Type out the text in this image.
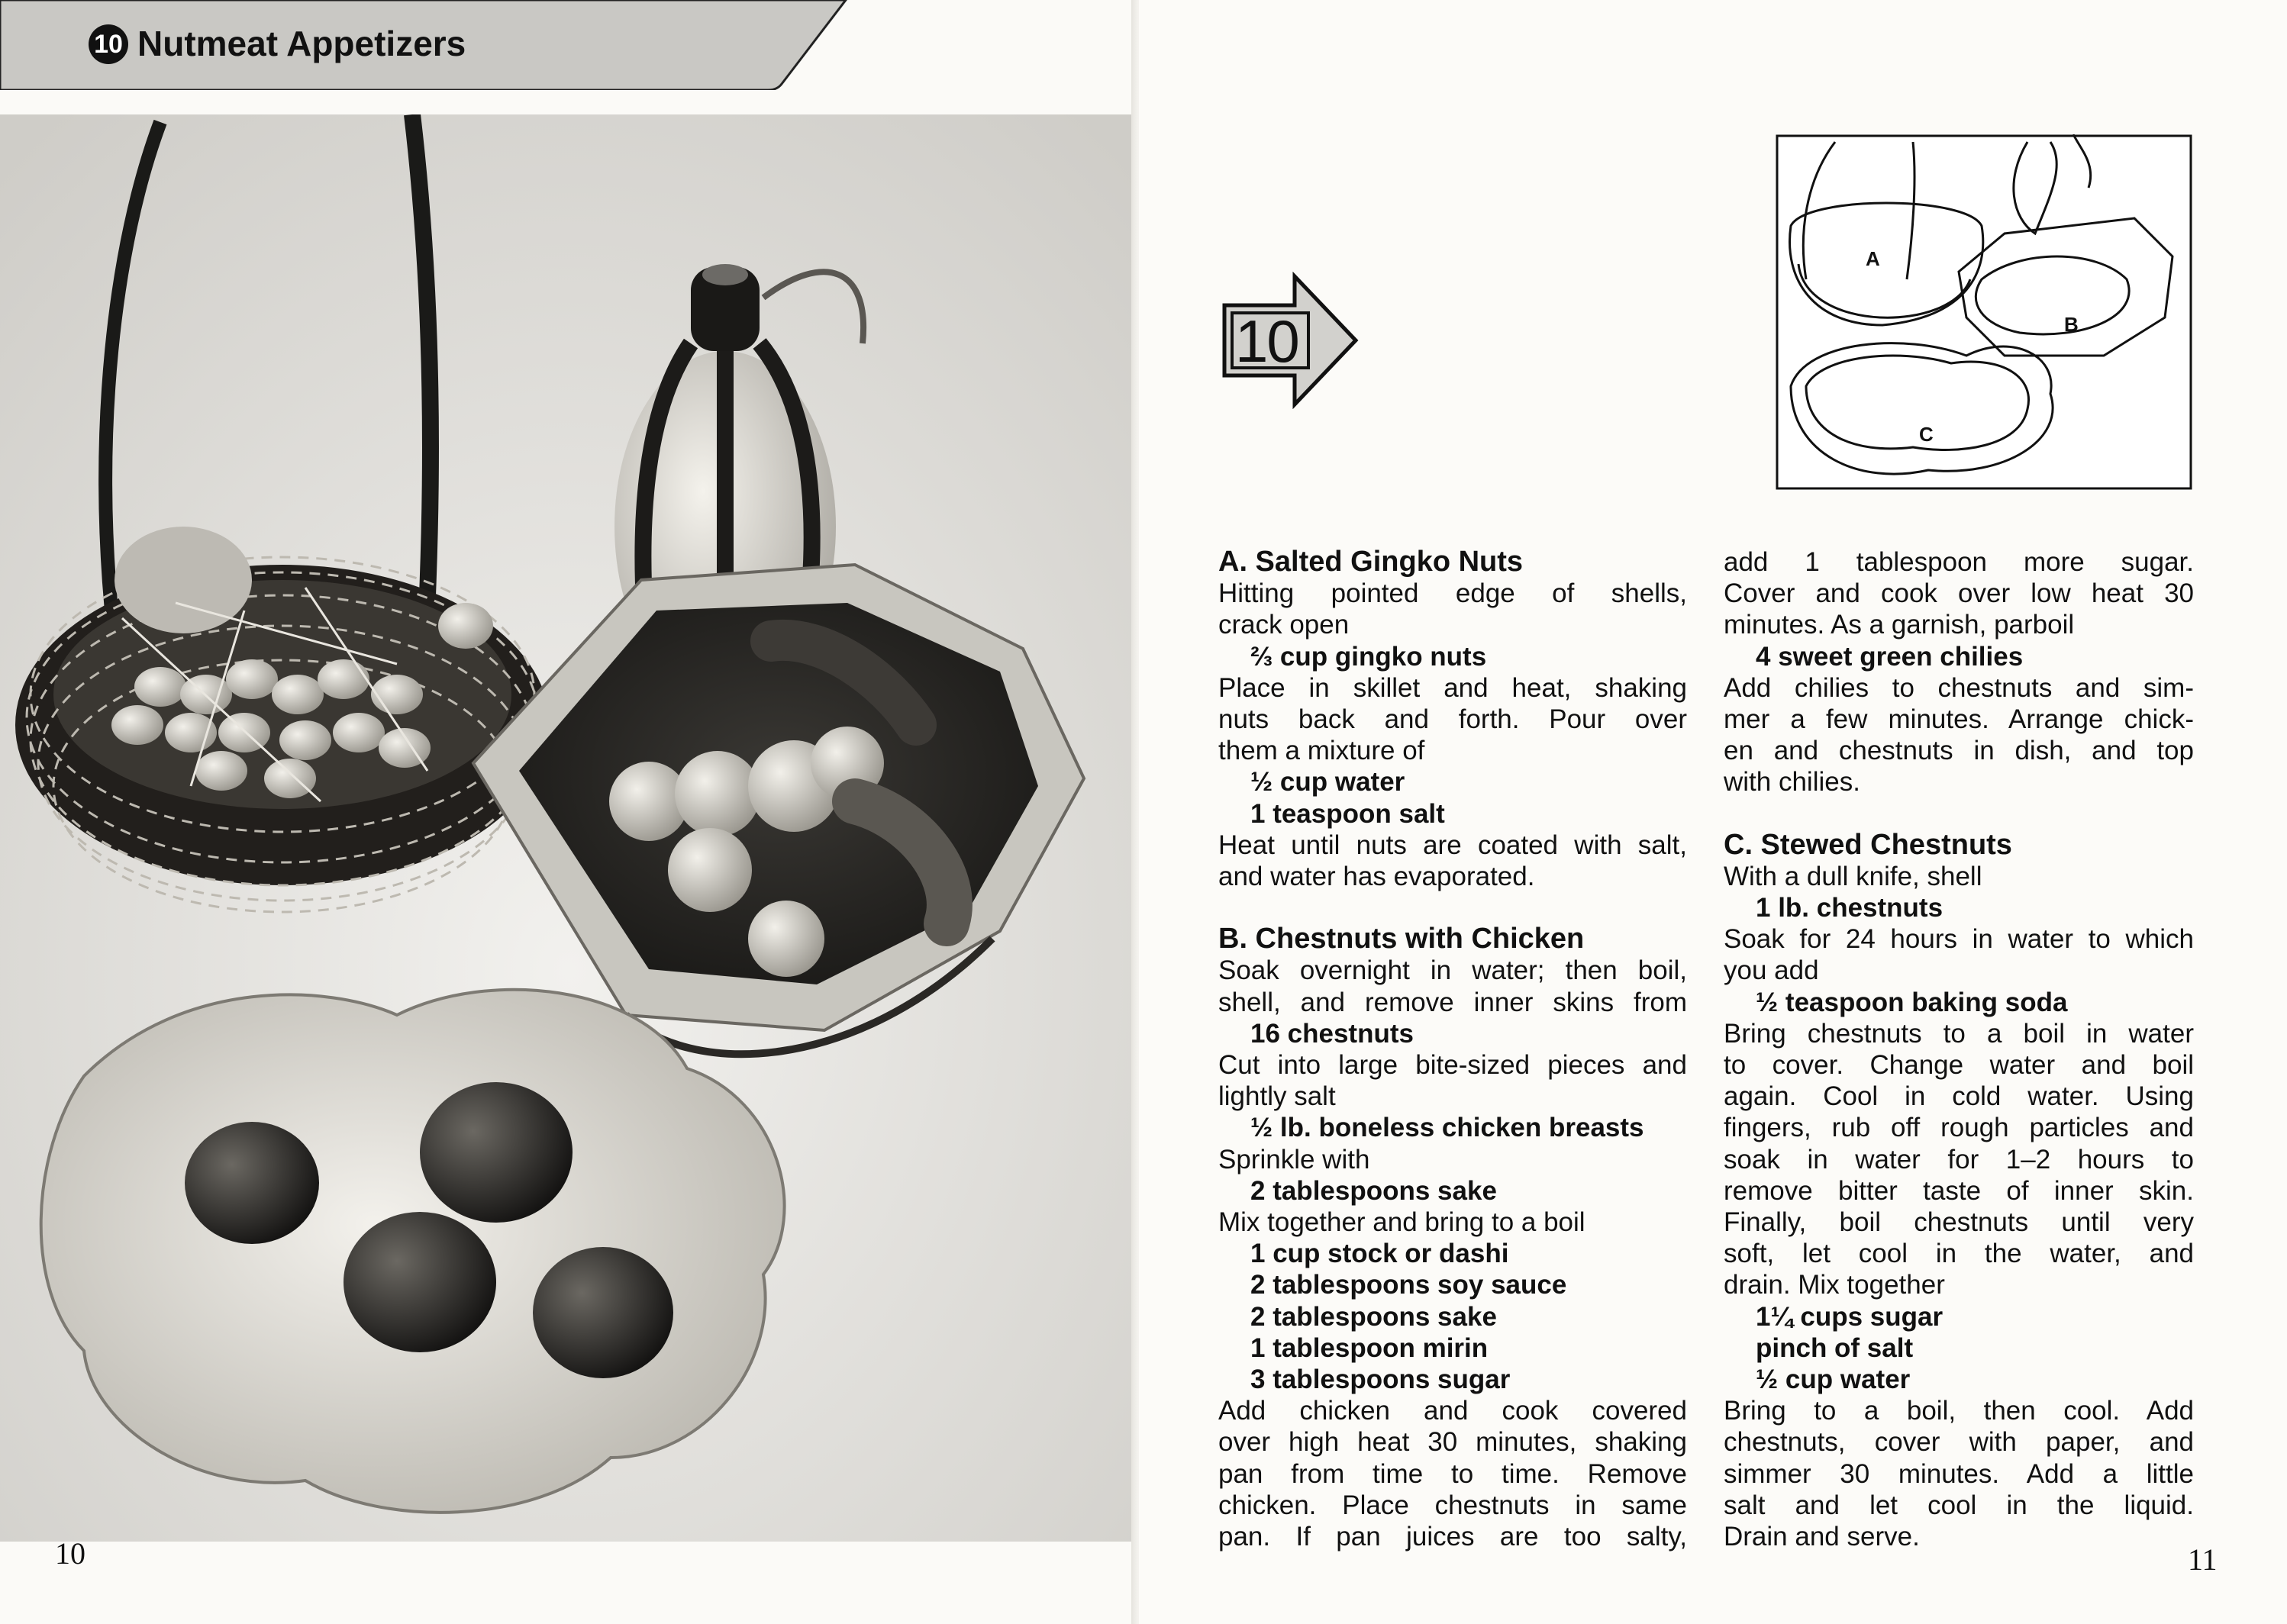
10 Nutmeat Appetizers
10
10
A
B
C
A. Salted Gingko Nuts
Hitting pointed edge of shells,
crack open
⅔ cup gingko nuts
Place in skillet and heat, shaking
nuts back and forth. Pour over
them a mixture of
½ cup water
1 teaspoon salt
Heat until nuts are coated with salt,
and water has evaporated.
B. Chestnuts with Chicken
Soak overnight in water; then boil,
shell, and remove inner skins from
16 chestnuts
Cut into large bite-sized pieces and
lightly salt
½ lb. boneless chicken breasts
Sprinkle with
2 tablespoons sake
Mix together and bring to a boil
1 cup stock or dashi
2 tablespoons soy sauce
2 tablespoons sake
1 tablespoon mirin
3 tablespoons sugar
Add chicken and cook covered
over high heat 30 minutes, shaking
pan from time to time. Remove
chicken. Place chestnuts in same
pan. If pan juices are too salty,
add 1 tablespoon more sugar.
Cover and cook over low heat 30
minutes. As a garnish, parboil
4 sweet green chilies
Add chilies to chestnuts and sim-
mer a few minutes. Arrange chick-
en and chestnuts in dish, and top
with chilies.
C. Stewed Chestnuts
With a dull knife, shell
1 lb. chestnuts
Soak for 24 hours in water to which
you add
½ teaspoon baking soda
Bring chestnuts to a boil in water
to cover. Change water and boil
again. Cool in cold water. Using
fingers, rub off rough particles and
soak in water for 1–2 hours to
remove bitter taste of inner skin.
Finally, boil chestnuts until very
soft, let cool in the water, and
drain. Mix together
1¼ cups sugar
pinch of salt
½ cup water
Bring to a boil, then cool. Add
chestnuts, cover with paper, and
simmer 30 minutes. Add a little
salt and let cool in the liquid.
Drain and serve.
11
